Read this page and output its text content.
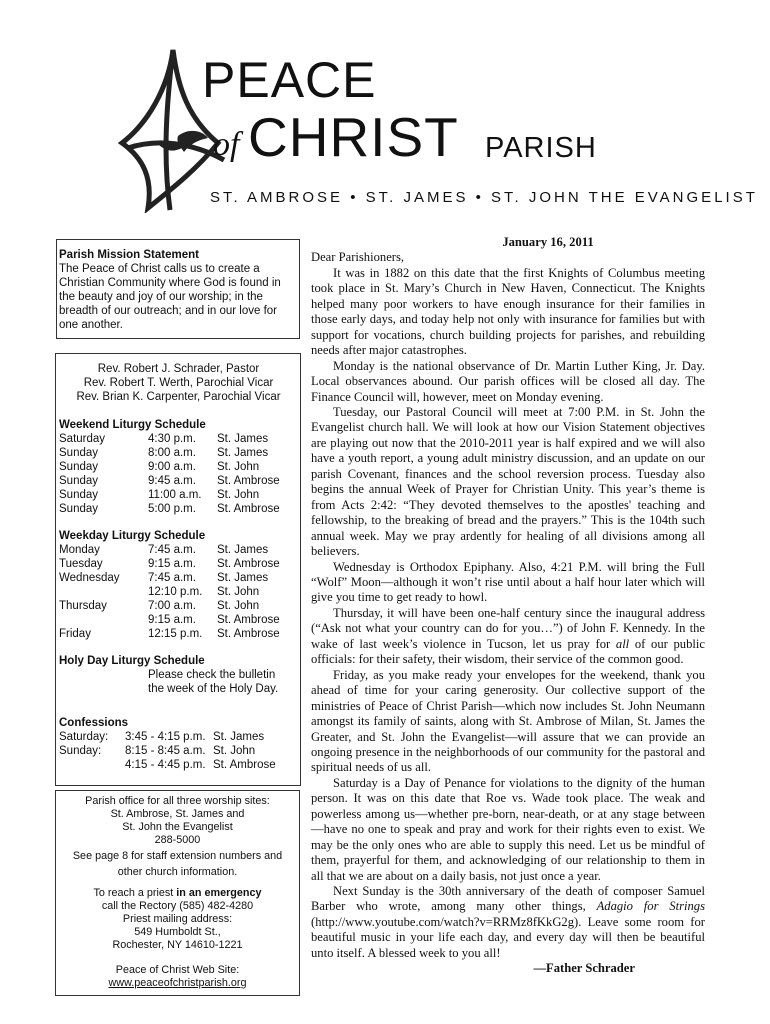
PEACE
of CHRIST PARISH
ST. AMBROSE • ST. JAMES • ST. JOHN THE EVANGELIST
Parish Mission Statement
The Peace of Christ calls us to create a Christian Community where God is found in the beauty and joy of our worship; in the breadth of our outreach; and in our love for one another.
Rev. Robert J. Schrader, Pastor
Rev. Robert T. Werth, Parochial Vicar
Rev. Brian K. Carpenter, Parochial Vicar
Weekend Liturgy Schedule
Saturday	4:30 p.m.	St. James
Sunday	8:00 a.m.	St. James
Sunday	9:00 a.m.	St. John
Sunday	9:45 a.m.	St. Ambrose
Sunday	11:00 a.m.	St. John
Sunday	5:00 p.m.	St. Ambrose
Weekday Liturgy Schedule
Monday	7:45 a.m.	St. James
Tuesday	9:15 a.m.	St. Ambrose
Wednesday	7:45 a.m.	St. James
	12:10 p.m.	St. John
Thursday	7:00 a.m.	St. John
	9:15 a.m.	St. Ambrose
Friday	12:15 p.m.	St. Ambrose
Holy Day Liturgy Schedule
Please check the bulletin
the week of the Holy Day.
Confessions
Saturday:	3:45 - 4:15 p.m.	St. James
Sunday:	8:15 - 8:45 a.m.	St. John
	4:15 - 4:45 p.m.	St. Ambrose
Parish office for all three worship sites:
St. Ambrose, St. James and
St. John the Evangelist
288-5000
See page 8 for staff extension numbers and
other church information.
To reach a priest in an emergency
call the Rectory (585) 482-4280
Priest mailing address:
549 Humboldt St.,
Rochester, NY 14610-1221
Peace of Christ Web Site:
www.peaceofchristparish.org
January 16, 2011
Dear Parishioners,

It was in 1882 on this date that the first Knights of Columbus meeting took place in St. Mary’s Church in New Haven, Connecticut. The Knights helped many poor workers to have enough insurance for their families in those early days, and today help not only with insurance for families but with support for vocations, church building projects for parishes, and rebuilding needs after major catastrophes.

Monday is the national observance of Dr. Martin Luther King, Jr. Day. Local observances abound. Our parish offices will be closed all day. The Finance Council will, however, meet on Monday evening.

Tuesday, our Pastoral Council will meet at 7:00 P.M. in St. John the Evangelist church hall. We will look at how our Vision Statement objectives are playing out now that the 2010-2011 year is half expired and we will also have a youth report, a young adult ministry discussion, and an update on our parish Covenant, finances and the school reversion process. Tuesday also begins the annual Week of Prayer for Christian Unity. This year’s theme is from Acts 2:42: “They devoted themselves to the apostles' teaching and fellowship, to the breaking of bread and the prayers.” This is the 104th such annual week. May we pray ardently for healing of all divisions among all believers.

Wednesday is Orthodox Epiphany. Also, 4:21 P.M. will bring the Full “Wolf” Moon—although it won’t rise until about a half hour later which will give you time to get ready to howl.

Thursday, it will have been one-half century since the inaugural address (“Ask not what your country can do for you…”) of John F. Kennedy. In the wake of last week’s violence in Tucson, let us pray for all of our public officials: for their safety, their wisdom, their service of the common good.

Friday, as you make ready your envelopes for the weekend, thank you ahead of time for your caring generosity. Our collective support of the ministries of Peace of Christ Parish—which now includes St. John Neumann amongst its family of saints, along with St. Ambrose of Milan, St. James the Greater, and St. John the Evangelist—will assure that we can provide an ongoing presence in the neighborhoods of our community for the pastoral and spiritual needs of us all.

Saturday is a Day of Penance for violations to the dignity of the human person. It was on this date that Roe vs. Wade took place. The weak and powerless among us—whether pre-born, near-death, or at any stage between—have no one to speak and pray and work for their rights even to exist. We may be the only ones who are able to supply this need. Let us be mindful of them, prayerful for them, and acknowledging of our relationship to them in all that we are about on a daily basis, not just once a year.

Next Sunday is the 30th anniversary of the death of composer Samuel Barber who wrote, among many other things, Adagio for Strings (http://www.youtube.com/watch?v=RRMz8fKkG2g). Leave some room for beautiful music in your life each day, and every day will then be beautiful unto itself. A blessed week to you all!

—Father Schrader
